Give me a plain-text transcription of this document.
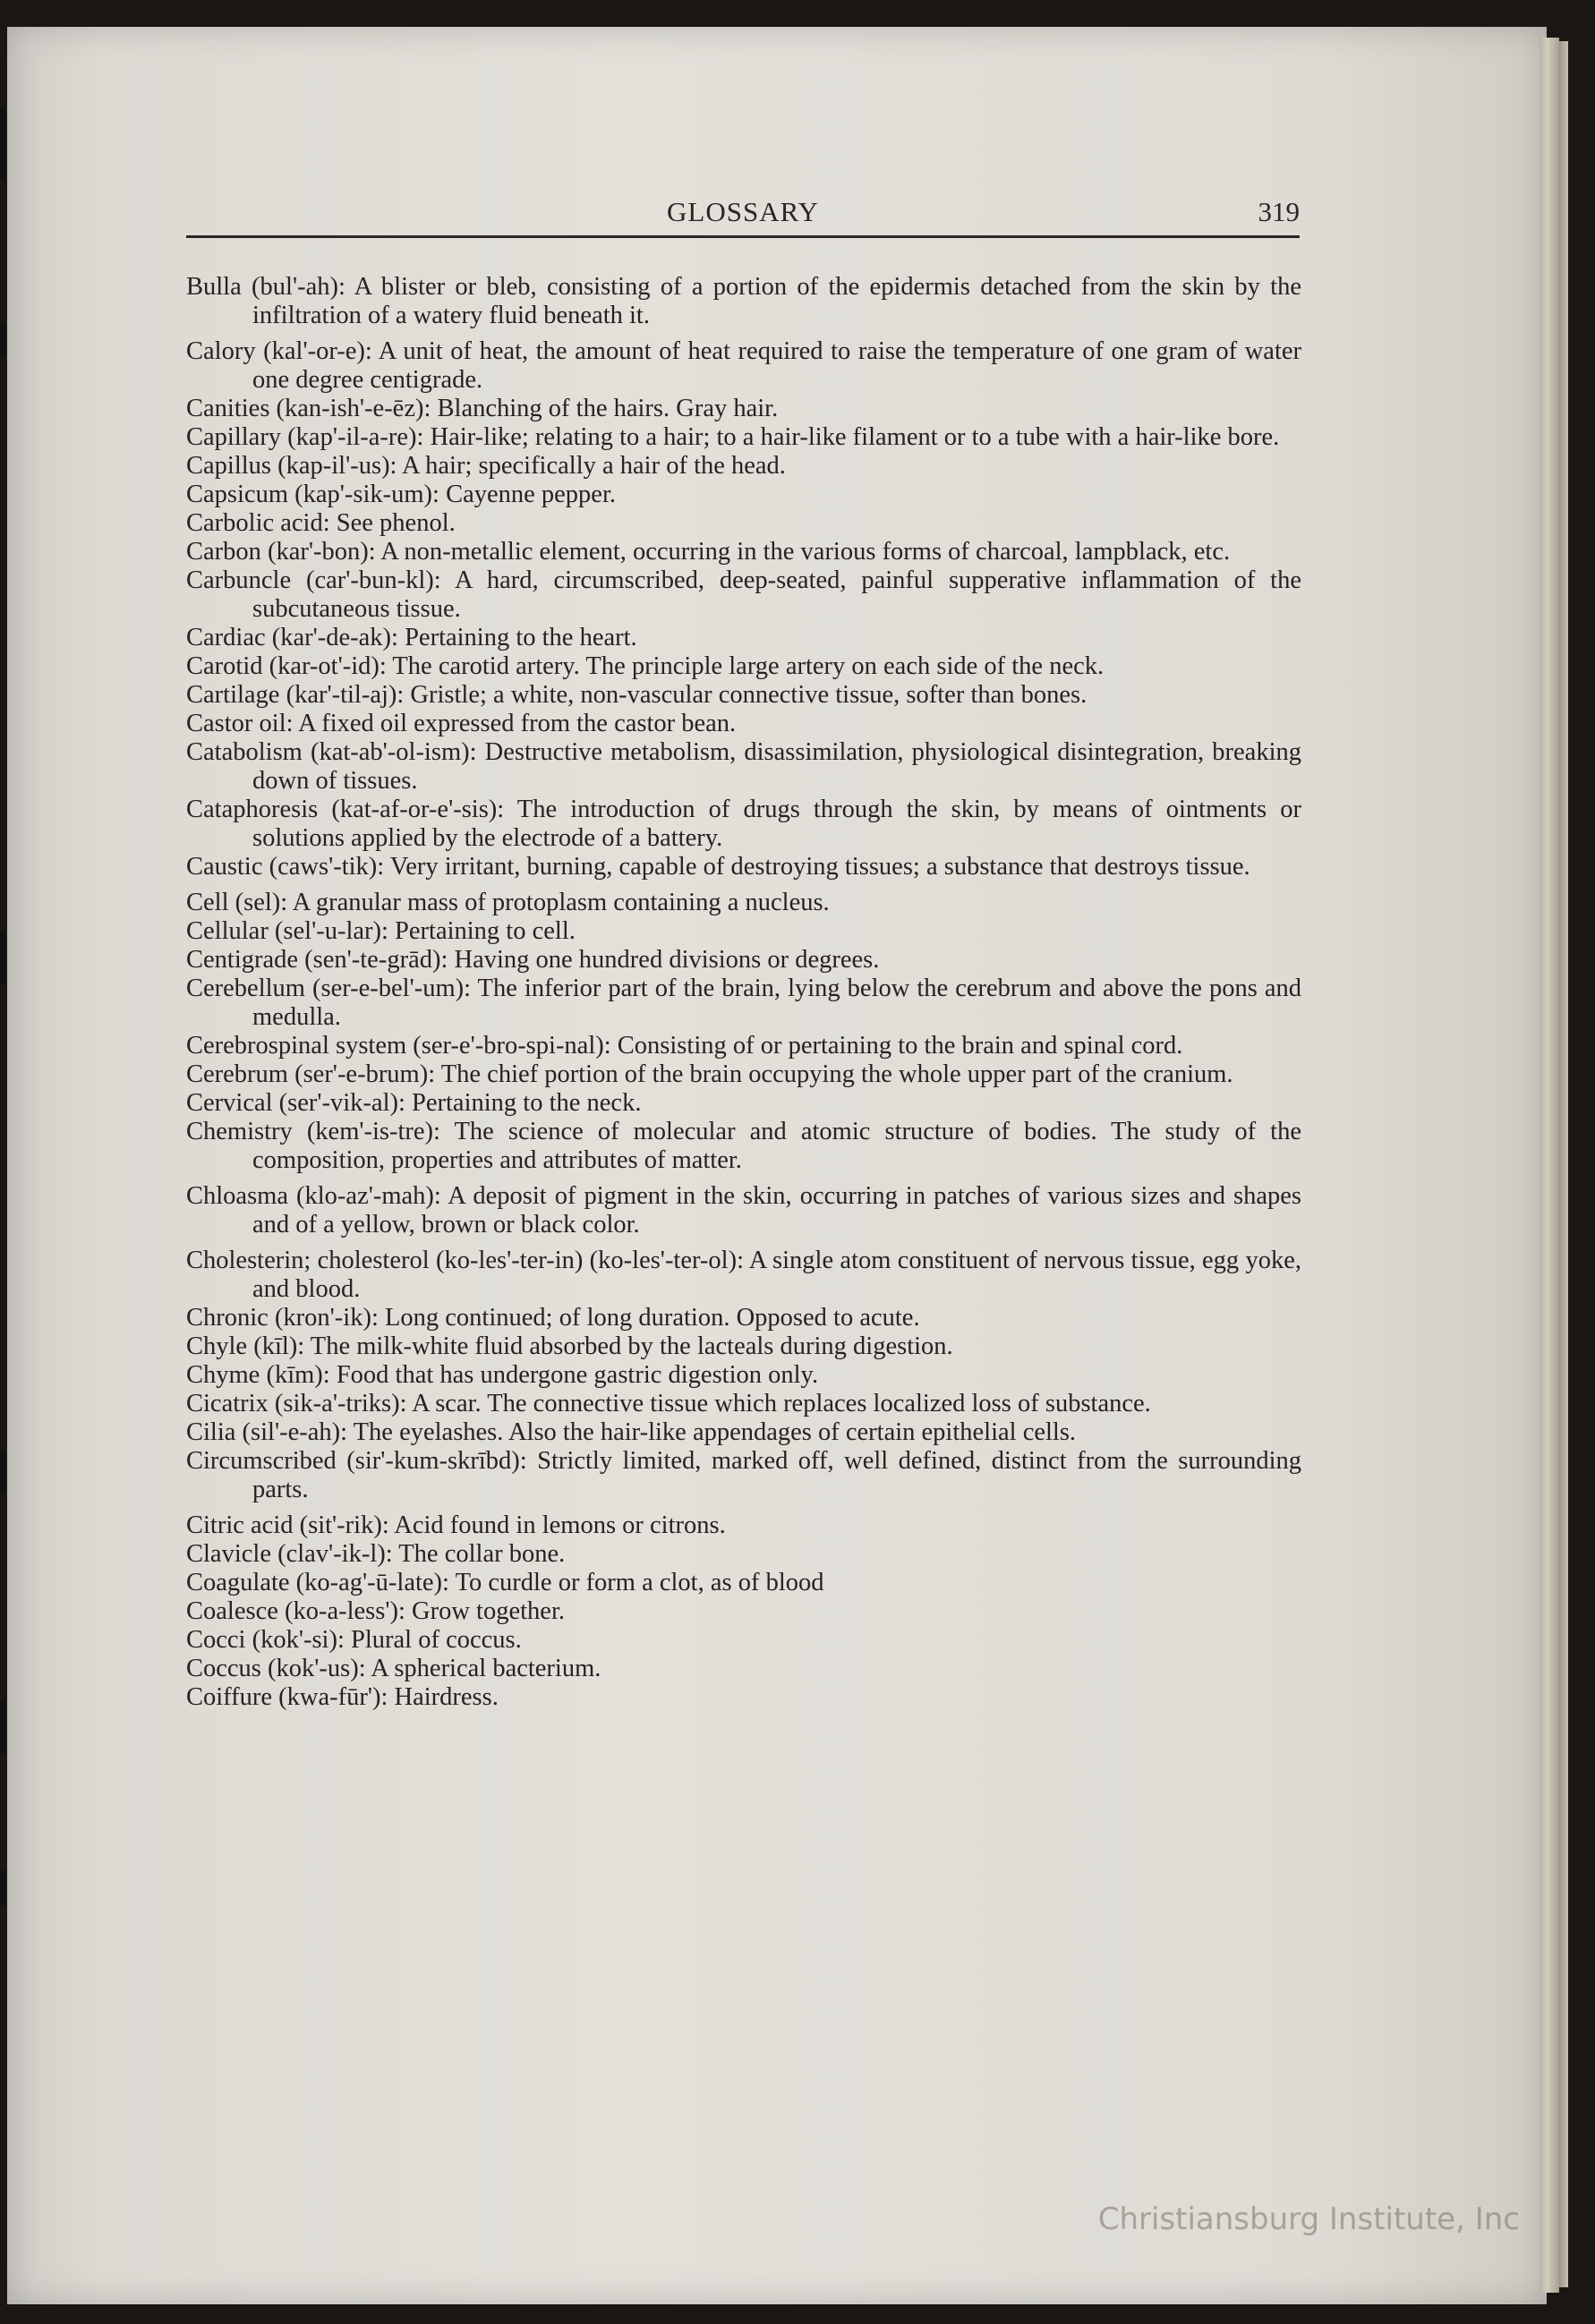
GLOSSARY	319
Bulla (bul'-ah): A blister or bleb, consisting of a portion of the epidermis detached from the skin by the infiltration of a watery fluid beneath it.
Calory (kal'-or-e): A unit of heat, the amount of heat required to raise the temperature of one gram of water one degree centigrade.
Canities (kan-ish'-e-ēz): Blanching of the hairs. Gray hair.
Capillary (kap'-il-a-re): Hair-like; relating to a hair; to a hair-like filament or to a tube with a hair-like bore.
Capillus (kap-il'-us): A hair; specifically a hair of the head.
Capsicum (kap'-sik-um): Cayenne pepper.
Carbolic acid: See phenol.
Carbon (kar'-bon): A non-metallic element, occurring in the various forms of charcoal, lampblack, etc.
Carbuncle (car'-bun-kl): A hard, circumscribed, deep-seated, painful supperative inflammation of the subcutaneous tissue.
Cardiac (kar'-de-ak): Pertaining to the heart.
Carotid (kar-ot'-id): The carotid artery. The principle large artery on each side of the neck.
Cartilage (kar'-til-aj): Gristle; a white, non-vascular connective tissue, softer than bones.
Castor oil: A fixed oil expressed from the castor bean.
Catabolism (kat-ab'-ol-ism): Destructive metabolism, disassimilation, physiological disintegration, breaking down of tissues.
Cataphoresis (kat-af-or-e'-sis): The introduction of drugs through the skin, by means of ointments or solutions applied by the electrode of a battery.
Caustic (caws'-tik): Very irritant, burning, capable of destroying tissues; a substance that destroys tissue.
Cell (sel): A granular mass of protoplasm containing a nucleus.
Cellular (sel'-u-lar): Pertaining to cell.
Centigrade (sen'-te-grād): Having one hundred divisions or degrees.
Cerebellum (ser-e-bel'-um): The inferior part of the brain, lying below the cerebrum and above the pons and medulla.
Cerebrospinal system (ser-e'-bro-spi-nal): Consisting of or pertaining to the brain and spinal cord.
Cerebrum (ser'-e-brum): The chief portion of the brain occupying the whole upper part of the cranium.
Cervical (ser'-vik-al): Pertaining to the neck.
Chemistry (kem'-is-tre): The science of molecular and atomic structure of bodies. The study of the composition, properties and attributes of matter.
Chloasma (klo-az'-mah): A deposit of pigment in the skin, occurring in patches of various sizes and shapes and of a yellow, brown or black color.
Cholesterin; cholesterol (ko-les'-ter-in) (ko-les'-ter-ol): A single atom constituent of nervous tissue, egg yoke, and blood.
Chronic (kron'-ik): Long continued; of long duration. Opposed to acute.
Chyle (kīl): The milk-white fluid absorbed by the lacteals during digestion.
Chyme (kīm): Food that has undergone gastric digestion only.
Cicatrix (sik-a'-triks): A scar. The connective tissue which replaces localized loss of substance.
Cilia (sil'-e-ah): The eyelashes. Also the hair-like appendages of certain epithelial cells.
Circumscribed (sir'-kum-skrībd): Strictly limited, marked off, well defined, distinct from the surrounding parts.
Citric acid (sit'-rik): Acid found in lemons or citrons.
Clavicle (clav'-ik-l): The collar bone.
Coagulate (ko-ag'-ū-late): To curdle or form a clot, as of blood
Coalesce (ko-a-less'): Grow together.
Cocci (kok'-si): Plural of coccus.
Coccus (kok'-us): A spherical bacterium.
Coiffure (kwa-fūr'): Hairdress.
Christiansburg Institute, Inc
